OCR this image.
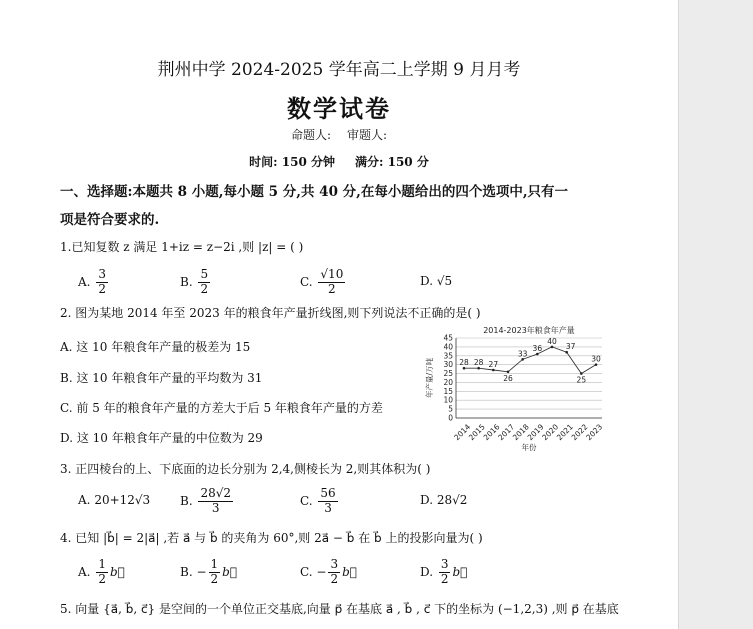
荆州中学 2024-2025 学年高二上学期 9 月月考
数学试卷
命题人: 审题人:
时间: 150 分钟 满分: 150 分
一、选择题:本题共 8 小题,每小题 5 分,共 40 分,在每小题给出的四个选项中,只有一
项是符合要求的.
1.已知复数 z 满足 1+iz = z−2i ,则 |z| = ( )
A. $\frac{3}{2}$	B. $\frac{5}{2}$	C. $\frac{√10}{2}$	D. √5
2. 图为某地 2014 年至 2023 年的粮食年产量折线图,则下列说法不正确的是( )
A. 这 10 年粮食年产量的极差为 15
B. 这 10 年粮食年产量的平均数为 31
C. 前 5 年的粮食年产量的方差大于后 5 年粮食年产量的方差
D. 这 10 年粮食年产量的中位数为 29
2014-2023年粮食年产量
0
5
10
15
20
25
30
35
40
45
年产量/万吨
2014
2015
2016
2017
2018
2019
2020
2021
2022
2023
年份
28 28 27
26
33
36
40
37
25
30
3. 正四棱台的上、下底面的边长分别为 2,4,侧棱长为 2,则其体积为( )
A. 20+12√3 B. $\frac{28√2}{3}$	C. $\frac{56}{3}$	D. 28√2
4. 已知 |b⃗| = 2|a⃗| ,若 a⃗ 与 b⃗ 的夹角为 60°,则 2a⃗ − b⃗ 在 b⃗ 上的投影向量为( )
A. $\frac{1}{2}$ b⃗	B. − $\frac{1}{2}$ b⃗	C. − $\frac{3}{2}$ b⃗	D. $\frac{3}{2}$ b⃗
5. 向量 {a⃗, b⃗, c⃗} 是空间的一个单位正交基底,向量 p⃗ 在基底 a⃗ , b⃗ , c⃗ 下的坐标为 (−1,2,3) ,则 p⃗ 在基底
